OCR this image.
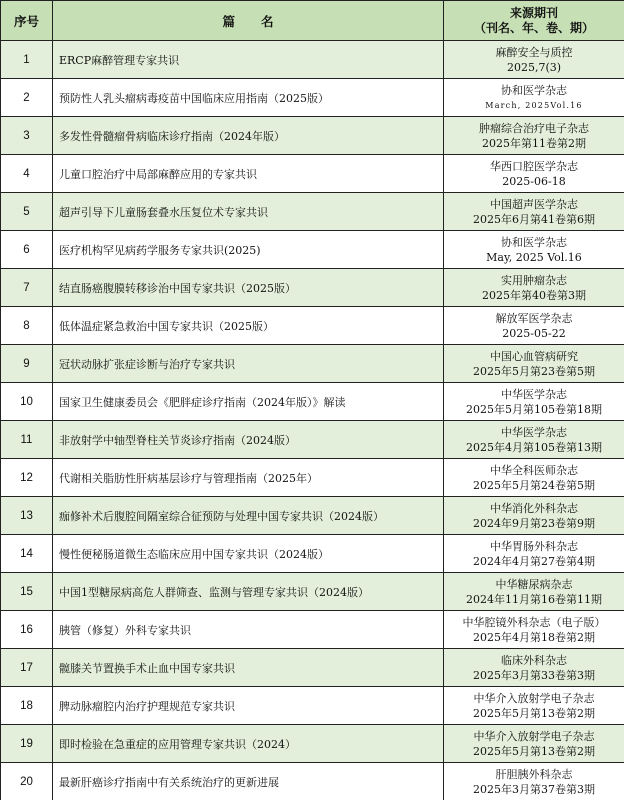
序号	篇名	来源期刊
（刊名、年、卷、期）

1	ERCP麻醉管理专家共识	麻醉安全与质控
2025,7(3)

2	预防性人乳头瘤病毒疫苗中国临床应用指南（2025版）	协和医学杂志
March, 2025Vol.16

3	多发性骨髓瘤骨病临床诊疗指南（2024年版）	肿瘤综合治疗电子杂志
2025年第11卷第2期

4	儿童口腔治疗中局部麻醉应用的专家共识	华西口腔医学杂志
2025-06-18

5	超声引导下儿童肠套叠水压复位术专家共识	中国超声医学杂志
2025年6月第41卷第6期

6	医疗机构罕见病药学服务专家共识(2025)	协和医学杂志
May, 2025 Vol.16

7	结直肠癌腹膜转移诊治中国专家共识（2025版）	实用肿瘤杂志
2025年第40卷第3期

8	低体温症紧急救治中国专家共识（2025版）	解放军医学杂志
2025-05-22

9	冠状动脉扩张症诊断与治疗专家共识	中国心血管病研究
2025年5月第23卷第5期

10	国家卫生健康委员会《肥胖症诊疗指南（2024年版）》解读	中华医学杂志
2025年5月第105卷第18期

11	非放射学中轴型脊柱关节炎诊疗指南（2024版）	中华医学杂志
2025年4月第105卷第13期

12	代谢相关脂肪性肝病基层诊疗与管理指南（2025年）	中华全科医师杂志
2025年5月第24卷第5期

13	痂修补术后腹腔间隔室综合征预防与处理中国专家共识（2024版）	中华消化外科杂志
2024年9月第23卷第9期

14	慢性便秘肠道微生态临床应用中国专家共识（2024版）	中华胃肠外科杂志
2024年4月第27卷第4期

15	中国1型糖尿病高危人群筛查、监测与管理专家共识（2024版）	中华糖尿病杂志
2024年11月第16卷第11期

16	胰管（修复）外科专家共识	中华腔镜外科杂志（电子版）
2025年4月第18卷第2期

17	髋膝关节置换手术止血中国专家共识	临床外科杂志
2025年3月第33卷第3期

18	脾动脉瘤腔内治疗护理规范专家共识	中华介入放射学电子杂志
2025年5月第13卷第2期

19	即时检验在急重症的应用管理专家共识（2024）	中华介入放射学电子杂志
2025年5月第13卷第2期

20	最新肝癌诊疗指南中有关系统治疗的更新进展	肝胆胰外科杂志
2025年3月第37卷第3期
